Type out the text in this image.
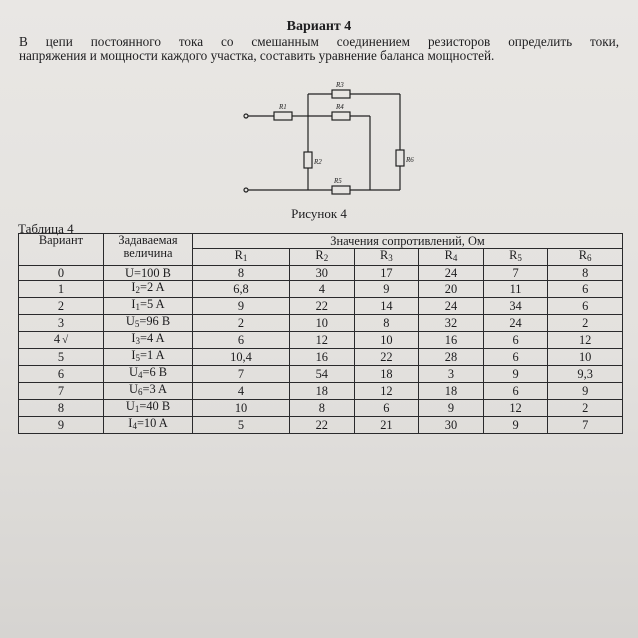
Вариант 4
В цепи постоянного тока со смешанным соединением резисторов определить токи,
напряжения и мощности каждого участка, составить уравнение баланса мощностей.
R1
R2
R3
R4
R5
R6
Рисунок 4
Таблица 4
Вариант	Задаваемая величина	Значения сопротивлений, Ом					
		$R_1$	$R_2$	$R_3$	$R_4$	$R_5$	$R_6$
0	U=100 B	8	30	17	24	7	8
1	$I_2=2$ A	6,8	4	9	20	11	6
2	$I_1=5$ A	9	22	14	24	34	6
3	$U_5=96$ B	2	10	8	32	24	2
4 √	$I_3=4$ A	6	12	10	16	6	12
5	$I_5=1$ A	10,4	16	22	28	6	10
6	$U_4=6$ B	7	54	18	3	9	9,3
7	$U_6=3$ A	4	18	12	18	6	9
8	$U_1=40$ B	10	8	6	9	12	2
9	$I_4=10$ A	5	22	21	30	9	7
